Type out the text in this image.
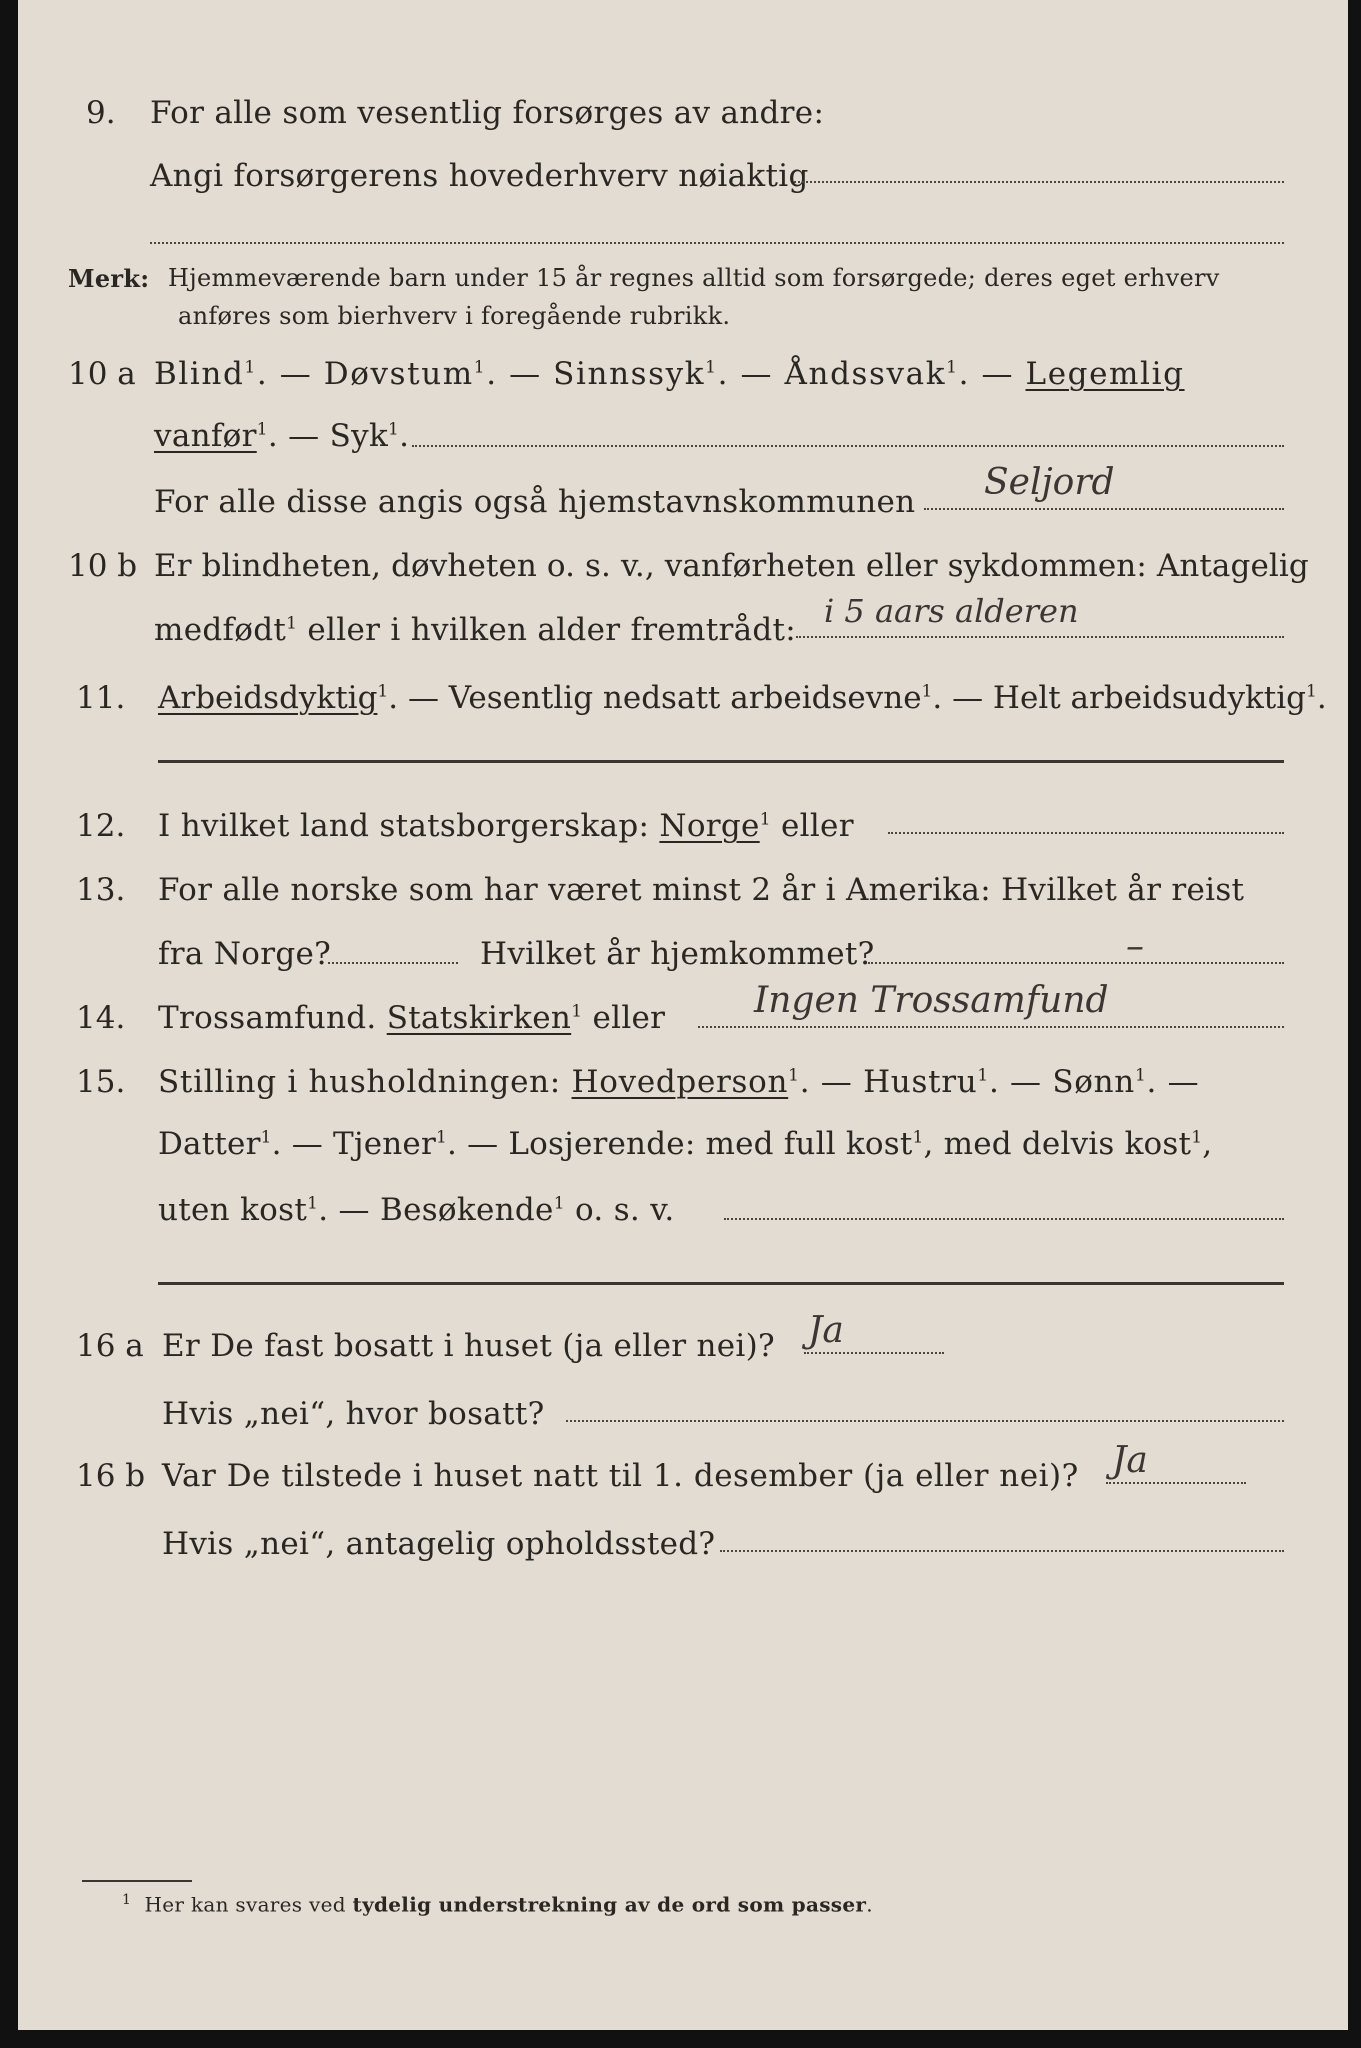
9. For alle som vesentlig forsørges av andre:
Angi forsørgerens hovederhverv nøiaktig
Merk: Hjemmeværende barn under 15 år regnes alltid som forsørgede; deres eget erhverv
anføres som bierhverv i foregående rubrikk.
10 a Blind$^1$. — Døvstum$^1$. — Sinnssyk$^1$. — Åndssvak$^1$. — Legemlig
vanfør$^1$. — Syk$^1$.
For alle disse angis også hjemstavnskommunen Seljord
10 b Er blindheten, døvheten o. s. v., vanførheten eller sykdommen: Antagelig
medfødt$^1$ eller i hvilken alder fremtrådt: i 5 aars alderen
11. Arbeidsdyktig$^1$. — Vesentlig nedsatt arbeidsevne$^1$. — Helt arbeidsudyktig$^1$.
12. I hvilket land statsborgerskap: Norge$^1$ eller
13. For alle norske som har været minst 2 år i Amerika: Hvilket år reist
fra Norge?	Hvilket år hjemkommet?	–
14. Trossamfund. Statskirken$^1$ eller Ingen Trossamfund
15. Stilling i husholdningen: Hovedperson$^1$. — Hustru$^1$. — Sønn$^1$. —
Datter$^1$. — Tjener$^1$. — Losjerende: med full kost$^1$, med delvis kost$^1$,
uten kost$^1$. — Besøkende$^1$ o. s. v.
16 a Er De fast bosatt i huset (ja eller nei)? Ja
Hvis „nei“, hvor bosatt?
16 b Var De tilstede i huset natt til 1. desember (ja eller nei)? Ja
Hvis „nei“, antagelig opholdssted?
$^1$ Her kan svares ved tydelig understrekning av de ord som passer.
